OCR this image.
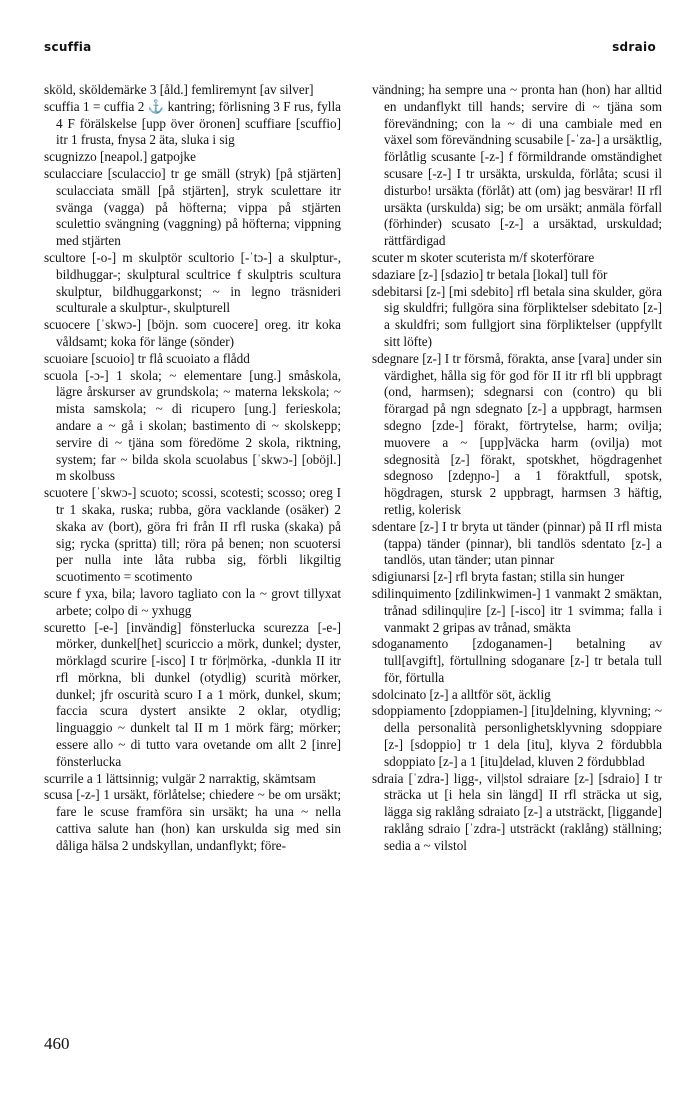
scuffia	sdraio

sköld, sköldemärke 3 [åld.] femliremynt [av silver]

scuffia 1 = cuffia 2 ⚓ kantring; förlisning 3 F rus, fylla 4 F förälskelse [upp över öronen] scuffiare [scuffio] itr 1 frusta, fnysa 2 äta, sluka i sig

scugnizzo [neapol.] gatpojke

sculacciare [sculaccio] tr ge smäll (stryk) [på stjärten] sculacciata smäll [på stjärten], stryk sculettare itr svänga (vagga) på höfterna; vippa på stjärten sculettio svängning (vaggning) på höfterna; vippning med stjärten

scultore [-o-] m skulptör scultorio [-ˈtɔ-] a skulptur-, bildhuggar-; skulptural scultrice f skulptris scultura skulptur, bildhuggarkonst; ~ in legno träsnideri sculturale a skulptur-, skulpturell

scuocere [ˈskwɔ-] [böjn. som cuocere] oreg. itr koka våldsamt; koka för länge (sönder)

scuoiare [scuoio] tr flå scuoiato a flådd

scuola [-ɔ-] 1 skola; ~ elementare [ung.] småskola, lägre årskurser av grundskola; ~ materna lekskola; ~ mista samskola; ~ di ricupero [ung.] ferieskola; andare a ~ gå i skolan; bastimento di ~ skolskepp; servire di ~ tjäna som föredöme 2 skola, riktning, system; far ~ bilda skola scuolabus [ˈskwɔ-] [oböjl.] m skolbuss

scuotere [ˈskwɔ-] scuoto; scossi, scotesti; scosso; oreg I tr 1 skaka, ruska; rubba, göra vacklande (osäker) 2 skaka av (bort), göra fri från II rfl ruska (skaka) på sig; rycka (spritta) till; röra på benen; non scuotersi per nulla inte låta rubba sig, förbli likgiltig scuotimento = scotimento

scure f yxa, bila; lavoro tagliato con la ~ grovt tillyxat arbete; colpo di ~ yxhugg

scuretto [-e-] [invändig] fönsterlucka scurezza [-e-] mörker, dunkel[het] scuriccio a mörk, dunkel; dyster, mörklagd scurire [-isco] I tr för|mörka, -dunkla II itr rfl mörkna, bli dunkel (otydlig) scurità mörker, dunkel; jfr oscurità scuro I a 1 mörk, dunkel, skum; faccia scura dystert ansikte 2 oklar, otydlig; linguaggio ~ dunkelt tal II m 1 mörk färg; mörker; essere allo ~ di tutto vara ovetande om allt 2 [inre] fönsterlucka

scurrile a 1 lättsinnig; vulgär 2 narraktig, skämtsam

scusa [-z-] 1 ursäkt, förlåtelse; chiedere ~ be om ursäkt; fare le scuse framföra sin ursäkt; ha una ~ nella cattiva salute han (hon) kan urskulda sig med sin dåliga hälsa 2 undskyllan, undanflykt; före-

vändning; ha sempre una ~ pronta han (hon) har alltid en undanflykt till hands; servire di ~ tjäna som förevändning; con la ~ di una cambiale med en växel som förevändning scusabile [-ˈza-] a ursäktlig, förlåtlig scusante [-z-] f förmildrande omständighet scusare [-z-] I tr ursäkta, urskulda, förlåta; scusi il disturbo! ursäkta (förlåt) att (om) jag besvärar! II rfl ursäkta (urskulda) sig; be om ursäkt; anmäla förfall (förhinder) scusato [-z-] a ursäktad, urskuldad; rättfärdigad

scuter m skoter scuterista m/f skoterförare

sdaziare [z-] [sdazio] tr betala [lokal] tull för

sdebitarsi [z-] [mi sdebito] rfl betala sina skulder, göra sig skuldfri; fullgöra sina förpliktelser sdebitato [z-] a skuldfri; som fullgjort sina förpliktelser (uppfyllt sitt löfte)

sdegnare [z-] I tr försmå, förakta, anse [vara] under sin värdighet, hålla sig för god för II itr rfl bli uppbragt (ond, harmsen); sdegnarsi con (contro) qu bli förargad på ngn sdegnato [z-] a uppbragt, harmsen sdegno [zde-] förakt, förtrytelse, harm; ovilja; muovere a ~ [upp]väcka harm (ovilja) mot sdegnosità [z-] förakt, spotskhet, högdragenhet sdegnoso [zdeɲɲo-] a 1 föraktfull, spotsk, högdragen, stursk 2 uppbragt, harmsen 3 häftig, retlig, kolerisk

sdentare [z-] I tr bryta ut tänder (pinnar) på II rfl mista (tappa) tänder (pinnar), bli tandlös sdentato [z-] a tandlös, utan tänder; utan pinnar

sdigiunarsi [z-] rfl bryta fastan; stilla sin hunger

sdilinquimento [zdilinkwimen-] 1 vanmakt 2 smäktan, trånad sdilinqu|ire [z-] [-isco] itr 1 svimma; falla i vanmakt 2 gripas av trånad, smäkta

sdoganamento [zdoganamen-] betalning av tull[avgift], förtullning sdoganare [z-] tr betala tull för, förtulla

sdolcinato [z-] a alltför söt, äcklig

sdoppiamento [zdoppiamen-] [itu]delning, klyvning; ~ della personalità personlighetsklyvning sdoppiare [z-] [sdoppio] tr 1 dela [itu], klyva 2 fördubbla sdoppiato [z-] a 1 [itu]delad, kluven 2 fördubblad

sdraia [ˈzdra-] ligg-, vil|stol sdraiare [z-] [sdraio] I tr sträcka ut [i hela sin längd] II rfl sträcka ut sig, lägga sig raklång sdraiato [z-] a utsträckt, [liggande] raklång sdraio [ˈzdra-] utsträckt (raklång) ställning; sedia a ~ vilstol

460
